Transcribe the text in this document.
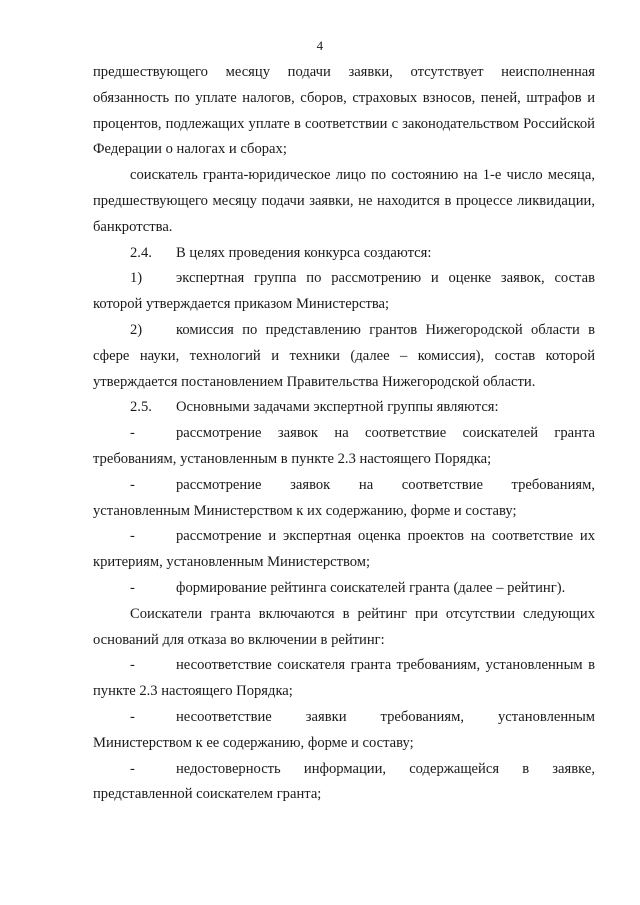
4

предшествующего месяцу подачи заявки, отсутствует неисполненная

обязанность по уплате налогов, сборов, страховых взносов, пеней, штрафов и процентов, подлежащих уплате в соответствии с законодательством Российской Федерации о налогах и сборах;

соискатель гранта-юридическое лицо по состоянию на 1-е число месяца, предшествующего месяцу подачи заявки, не находится в процессе ликвидации, банкротства.

2.4. В целях проведения конкурса создаются:

1) экспертная группа по рассмотрению и оценке заявок, состав которой утверждается приказом Министерства;

2) комиссия по представлению грантов Нижегородской области в сфере науки, технологий и техники (далее – комиссия), состав которой утверждается постановлением Правительства Нижегородской области.

2.5. Основными задачами экспертной группы являются:

-	рассмотрение заявок на соответствие соискателей гранта требованиям, установленным в пункте 2.3 настоящего Порядка;

-	рассмотрение заявок на соответствие требованиям, установленным Министерством к их содержанию, форме и составу;

-	рассмотрение и экспертная оценка проектов на соответствие их критериям, установленным Министерством;

-	формирование рейтинга соискателей гранта (далее – рейтинг).

Соискатели гранта включаются в рейтинг при отсутствии следующих оснований для отказа во включении в рейтинг:

-	несоответствие соискателя гранта требованиям, установленным в пункте 2.3 настоящего Порядка;

-	несоответствие заявки требованиям, установленным Министерством к ее содержанию, форме и составу;

-	недостоверность информации, содержащейся в заявке, представленной соискателем гранта;
